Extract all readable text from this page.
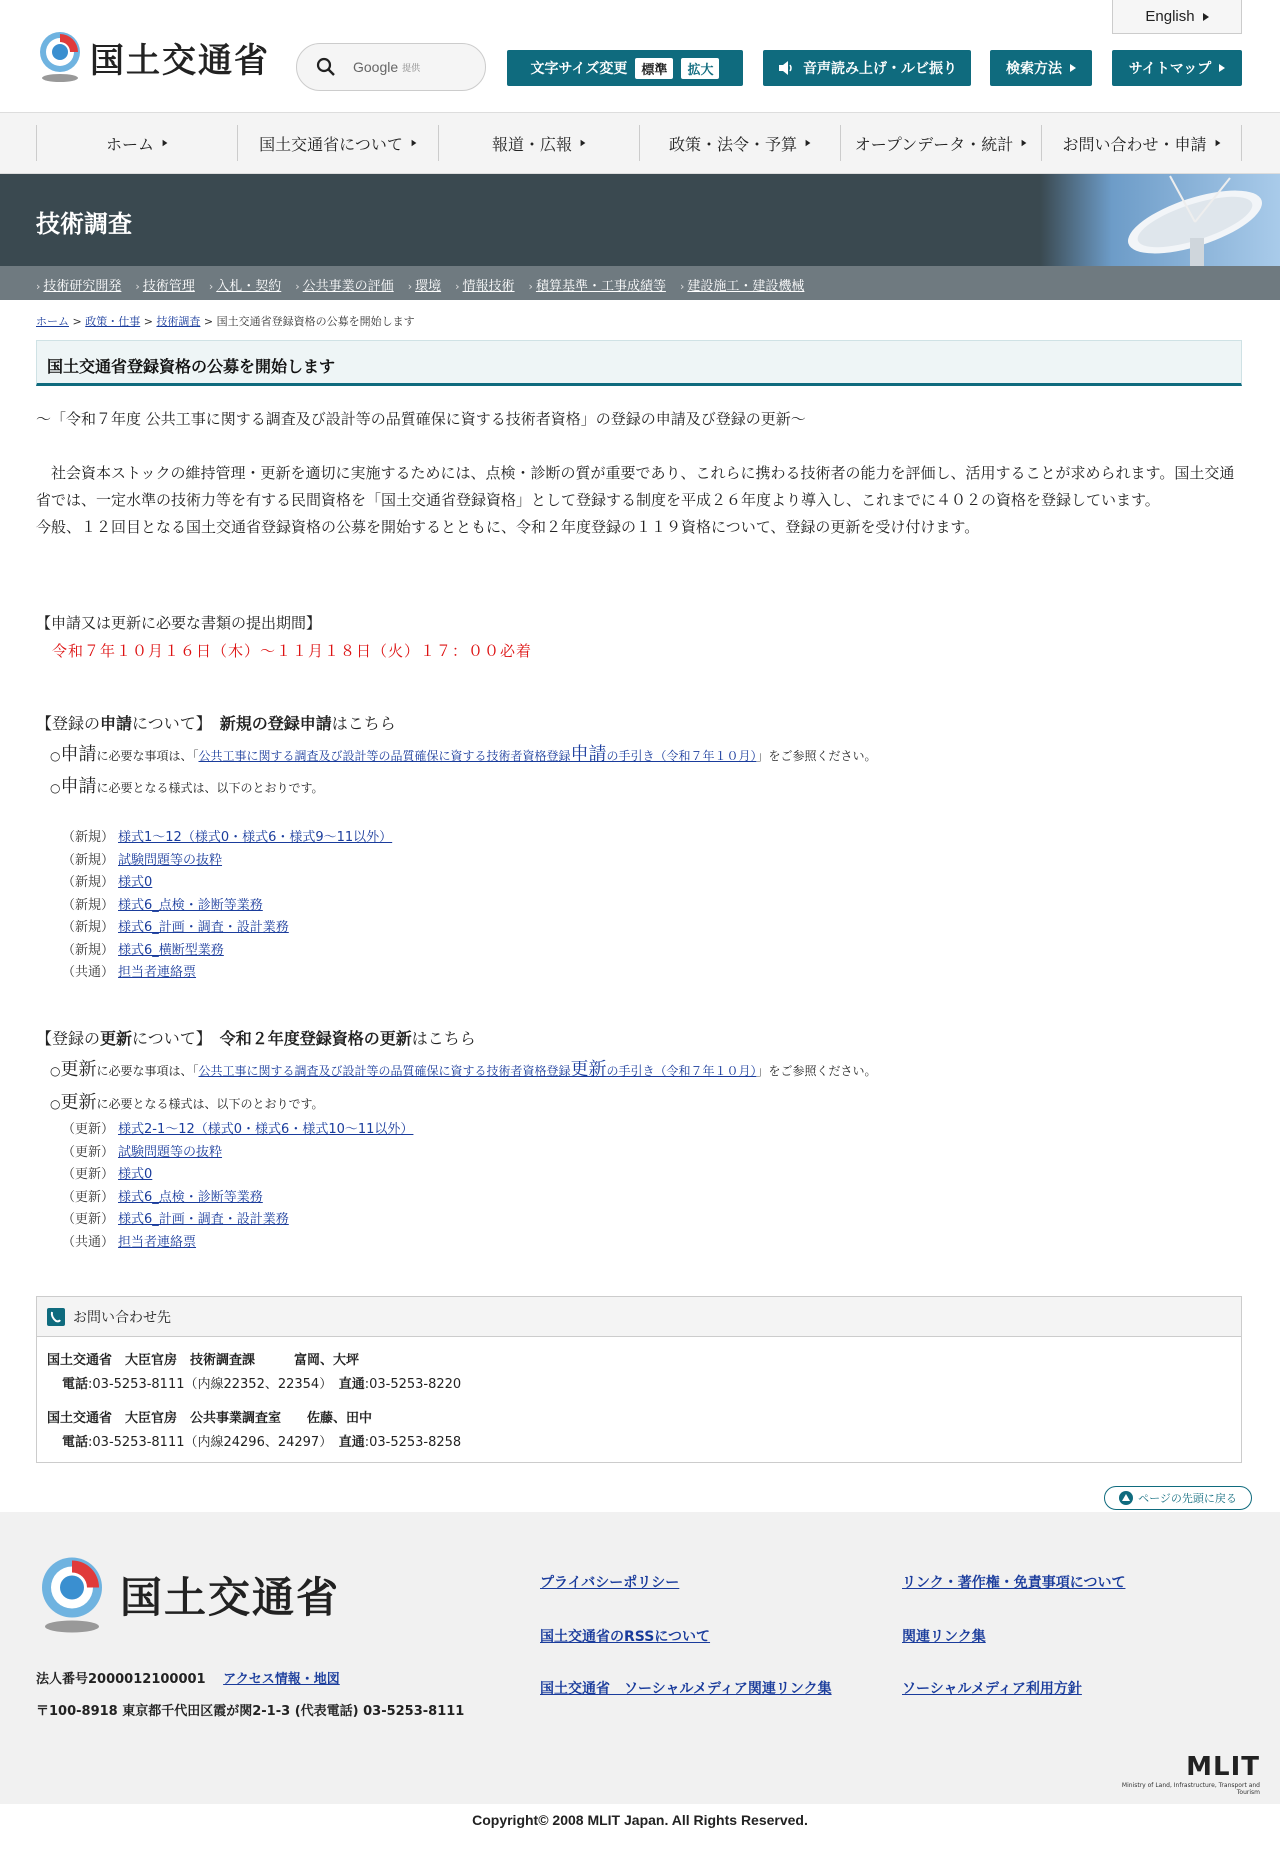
国土交通省	Google 提供
English
文字サイズ変更	標準	拡大	音声読み上げ・ルビ振り	検索方法	サイトマップ
ホーム	国土交通省について	報道・広報	政策・法令・予算	オープンデータ・統計	お問い合わせ・申請
技術調査
› 技術研究開発 › 技術管理 › 入札・契約 › 公共事業の評価 › 環境 › 情報技術 › 積算基準・工事成績等 › 建設施工・建設機械
ホーム > 政策・仕事 > 技術調査 > 国土交通省登録資格の公募を開始します
国土交通省登録資格の公募を開始します

～「令和７年度 公共工事に関する調査及び設計等の品質確保に資する技術者資格」の登録の申請及び登録の更新～

　社会資本ストックの維持管理・更新を適切に実施するためには、点検・診断の質が重要であり、これらに携わる技術者の能力を評価し、活用することが求められます。国土交通省では、一定水準の技術力等を有する民間資格を「国土交通省登録資格」として登録する制度を平成２６年度より導入し、これまでに４０２の資格を登録しています。

今般、１２回目となる国土交通省登録資格の公募を開始するとともに、令和２年度登録の１１９資格について、登録の更新を受け付けます。

【申請又は更新に必要な書類の提出期間】

令和７年１０月１６日（木）～１１月１８日（火）１７：００必着

【登録の申請について】　新規の登録申請はこちら

○申請に必要な事項は、「公共工事に関する調査及び設計等の品質確保に資する技術者資格登録申請の手引き（令和７年１０月）」をご参照ください。

○申請に必要となる様式は、以下のとおりです。

（新規） 様式1～12（様式0・様式6・様式9～11以外）
（新規） 試験問題等の抜粋
（新規） 様式0
（新規） 様式6_点検・診断等業務
（新規） 様式6_計画・調査・設計業務
（新規） 様式6_横断型業務
（共通） 担当者連絡票

【登録の更新について】　令和２年度登録資格の更新はこちら

○更新に必要な事項は、「公共工事に関する調査及び設計等の品質確保に資する技術者資格登録更新の手引き（令和７年１０月）」をご参照ください。

○更新に必要となる様式は、以下のとおりです。

（更新） 様式2-1～12（様式0・様式6・様式10～11以外）
（更新） 試験問題等の抜粋
（更新） 様式0
（更新） 様式6_点検・診断等業務
（更新） 様式6_計画・調査・設計業務
（共通） 担当者連絡票
お問い合わせ先

国土交通省　大臣官房　技術調査課　　　富岡、大坪

電話:03-5253-8111（内線22352、22354）　直通:03-5253-8220

国土交通省　大臣官房　公共事業調査室　　佐藤、田中

電話:03-5253-8111（内線24296、24297）　直通:03-5253-8258

ページの先頭に戻る
国土交通省

法人番号2000012100001　 アクセス情報・地図

〒100-8918 東京都千代田区霞が関2-1-3 (代表電話) 03-5253-8111

プライバシーポリシー	リンク・著作権・免責事項について
国土交通省のRSSについて	関連リンク集
国土交通省　ソーシャルメディア関連リンク集	ソーシャルメディア利用方針
MLIT
Ministry of Land, Infrastructure, Transport and Tourism

Copyright© 2008 MLIT Japan. All Rights Reserved.
